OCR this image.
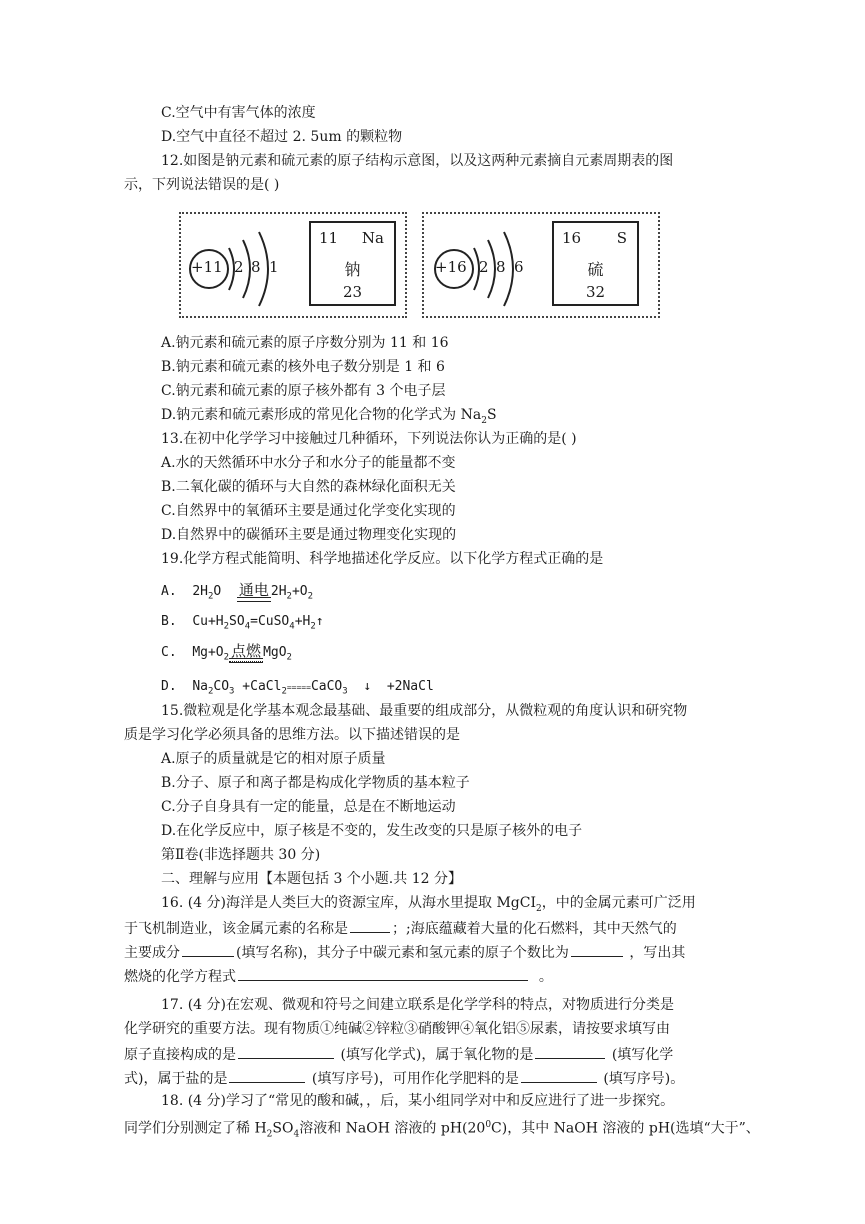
C.空气中有害气体的浓度
D.空气中直径不超过 2. 5um 的颗粒物
12.如图是钠元素和硫元素的原子结构示意图，以及这两种元素摘自元素周期表的图
示，下列说法错误的是( )
+11 2 8 1
11 Na
钠
23
+16 2 8 6
16 S
硫
32
A.钠元素和硫元素的原子序数分别为 11 和 16
B.钠元素和硫元素的核外电子数分别是 1 和 6
C.钠元素和硫元素的原子核外都有 3 个电子层
D.钠元素和硫元素形成的常见化合物的化学式为 $Na_2S$
13.在初中化学学习中接触过几种循环，下列说法你认为正确的是( )
A.水的天然循环中水分子和水分子的能量都不变
B.二氧化碳的循环与大自然的森林绿化面积无关
C.自然界中的氧循环主要是通过化学变化实现的
D.自然界中的碳循环主要是通过物理变化实现的
19.化学方程式能简明、科学地描述化学反应。以下化学方程式正确的是
A. $2H_2O$ 通电 $2H_2+O_2$
B. $Cu+H_2SO_4=CuSO_4+H_2↑$
C. $Mg+O_2$ 点燃 MgO$_2$
D. $Na_2CO_3$ +CaCl$_2$=====CaCO$_3$ ↓ +2NaCl
15.微粒观是化学基本观念最基础、最重要的组成部分，从微粒观的角度认识和研究物
质是学习化学必须具备的思维方法。以下描述错误的是
A.原子的质量就是它的相对原子质量
B.分子、原子和离子都是构成化学物质的基本粒子
C.分子自身具有一定的能量，总是在不断地运动
D.在化学反应中，原子核是不变的，发生改变的只是原子核外的电子
第Ⅱ卷(非选择题共 30 分)
二、理解与应用【本题包括 3 个小题.共 12 分】
16. (4 分)海洋是人类巨大的资源宝库，从海水里提取 MgCI$_2$，中的金属元素可广泛用
于飞机制造业，该金属元素的名称是	；;海底蕴藏着大量的化石燃料，其中天然气的
主要成分	(填写名称)，其分子中碳元素和氢元素的原子个数比为	，写出其
燃烧的化学方程式	。
17. (4 分)在宏观、微观和符号之间建立联系是化学学科的特点，对物质进行分类是
化学研究的重要方法。现有物质①纯碱②锌粒③硝酸钾④氧化铝⑤尿素，请按要求填写由
原子直接构成的是	(填写化学式)，属于氧化物的是	(填写化学
式)，属于盐的是	(填写序号)，可用作化学肥料的是	(填写序号)。
18. (4 分)学习了“常见的酸和碱，，后，某小组同学对中和反应进行了进一步探究。
同学们分别测定了稀 $H_2SO_4$溶液和 NaOH 溶液的 $pH(20^0C)$，其中 NaOH 溶液的 pH(选填“大于”、
